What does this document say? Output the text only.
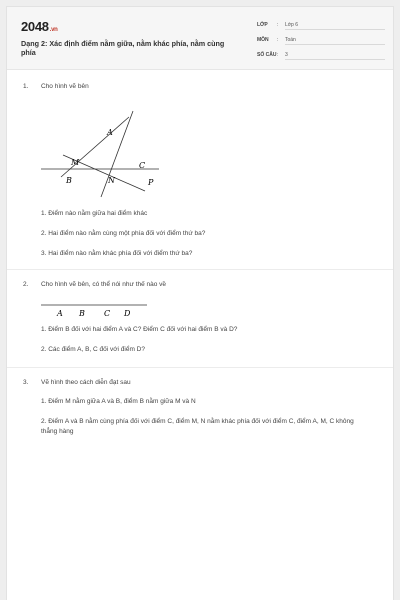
2048.vn
Dạng 2: Xác định điểm nằm giữa, nằm khác phía, nằm cùng phía
LỚP : Lớp 6
MÔN : Toán
SỐ CÂU : 3
1. Cho hình vẽ bên
A
M	C
B	N	P
1. Điểm nào nằm giữa hai điểm khác
2. Hai điểm nào nằm cùng một phía đối với điểm thứ ba?
3. Hai điểm nào nằm khác phía đối với điểm thứ ba?
2. Cho hình vẽ bên, có thể nói như thế nào về
A B C D
1. Điểm B đối với hai điểm A và C? Điểm C đối với hai điểm B và D?
2. Các điểm A, B, C đối với điểm D?
3. Vẽ hình theo cách diễn đạt sau
1. Điểm M nằm giữa A và B, điểm B nằm giữa M và N
2. Điểm A và B nằm cùng phía đối với điểm C, điểm M, N nằm khác phía đối với điểm C, điểm A, M, C không thẳng hàng
